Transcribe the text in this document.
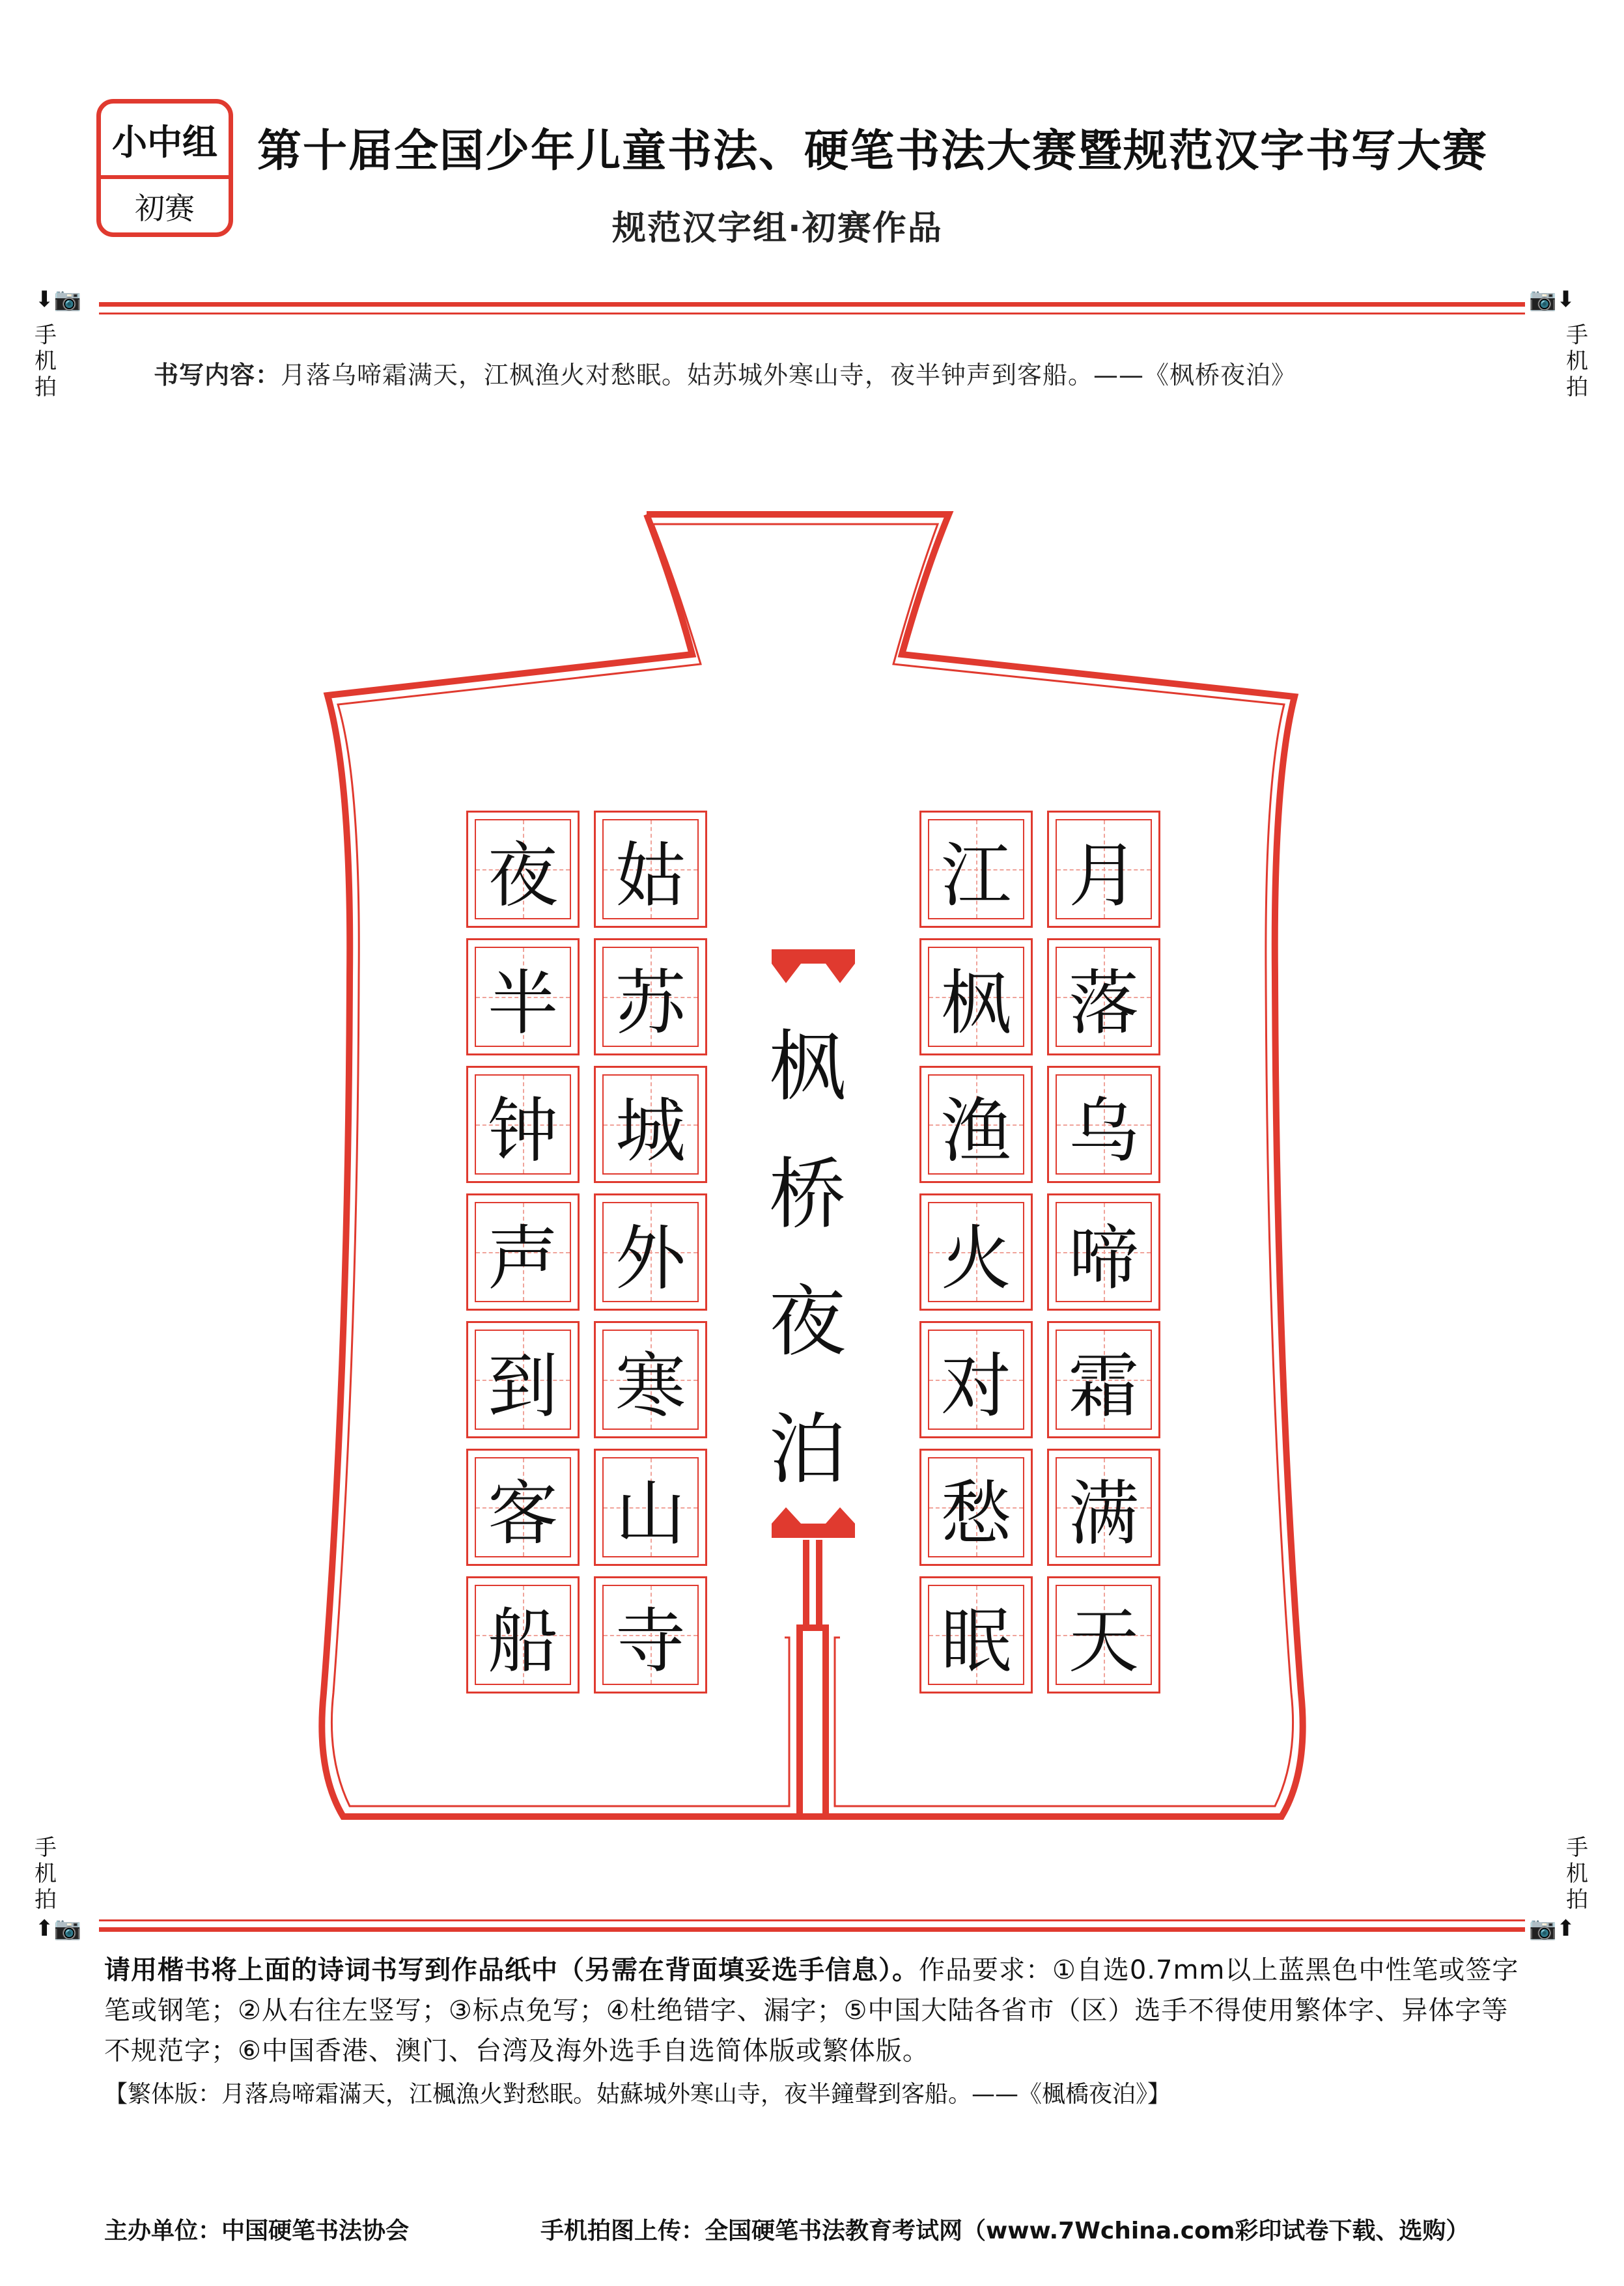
小中组
初赛
第十届全国少年儿童书法、硬笔书法大赛暨规范汉字书写大赛
规范汉字组·初赛作品
⬇📷	📷⬇
手
机
拍
手
机
拍
书写内容：月落乌啼霜满天，江枫渔火对愁眠。姑苏城外寒山寺，夜半钟声到客船。——《枫桥夜泊》
枫
桥
夜
泊
夜
半
钟
声
到
客
船
姑
苏
城
外
寒
山
寺
江
枫
渔
火
对
愁
眠
月
落
乌
啼
霜
满
天
手
机
拍
手
机
拍
⬆📷	📷⬆
请用楷书将上面的诗词书写到作品纸中（另需在背面填妥选手信息）。作品要求：①自选0.7mm以上蓝黑色中性笔或签字笔或钢笔；②从右往左竖写；③标点免写；④杜绝错字、漏字；⑤中国大陆各省市（区）选手不得使用繁体字、异体字等不规范字；⑥中国香港、澳门、台湾及海外选手自选简体版或繁体版。
【繁体版：月落烏啼霜滿天，江楓漁火對愁眠。姑蘇城外寒山寺，夜半鐘聲到客船。——《楓橋夜泊》】
主办单位：中国硬笔书法协会	手机拍图上传：全国硬笔书法教育考试网（www.7Wchina.com彩印试卷下载、选购）
